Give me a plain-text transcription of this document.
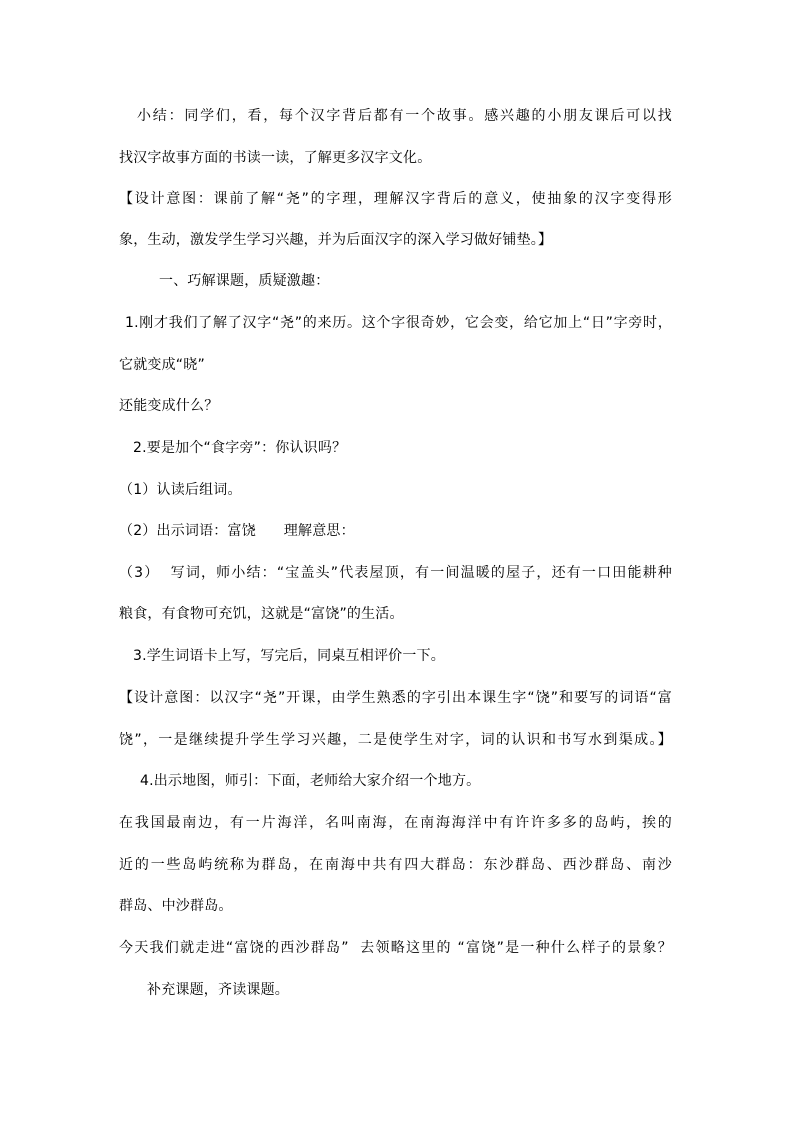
小结：同学们，看，每个汉字背后都有一个故事。感兴趣的小朋友课后可以找
找汉字故事方面的书读一读，了解更多汉字文化。
【设计意图：课前了解“尧”的字理，理解汉字背后的意义，使抽象的汉字变得形
象，生动，激发学生学习兴趣，并为后面汉字的深入学习做好铺垫。】
一、巧解课题，质疑激趣：
1.刚才我们了解了汉字“尧”的来历。这个字很奇妙，它会变，给它加上“日”字旁时，
它就变成“晓”
还能变成什么？
2.要是加个“食字旁”：你认识吗？
（1）认读后组词。
（2）出示词语：富饶      理解意思：
（3）  写词，师小结：“宝盖头”代表屋顶，有一间温暖的屋子，还有一口田能耕种
粮食，有食物可充饥，这就是“富饶”的生活。
3.学生词语卡上写，写完后，同桌互相评价一下。
【设计意图：以汉字“尧”开课，由学生熟悉的字引出本课生字“饶”和要写的词语“富
饶”，一是继续提升学生学习兴趣，二是使学生对字，词的认识和书写水到渠成。】
4.出示地图，师引：下面，老师给大家介绍一个地方。
在我国最南边，有一片海洋，名叫南海，在南海海洋中有许许多多的岛屿，挨的
近的一些岛屿统称为群岛，在南海中共有四大群岛：东沙群岛、西沙群岛、南沙
群岛、中沙群岛。
今天我们就走进“富饶的西沙群岛”  去领略这里的 “富饶”是一种什么样子的景象？
补充课题，齐读课题。
